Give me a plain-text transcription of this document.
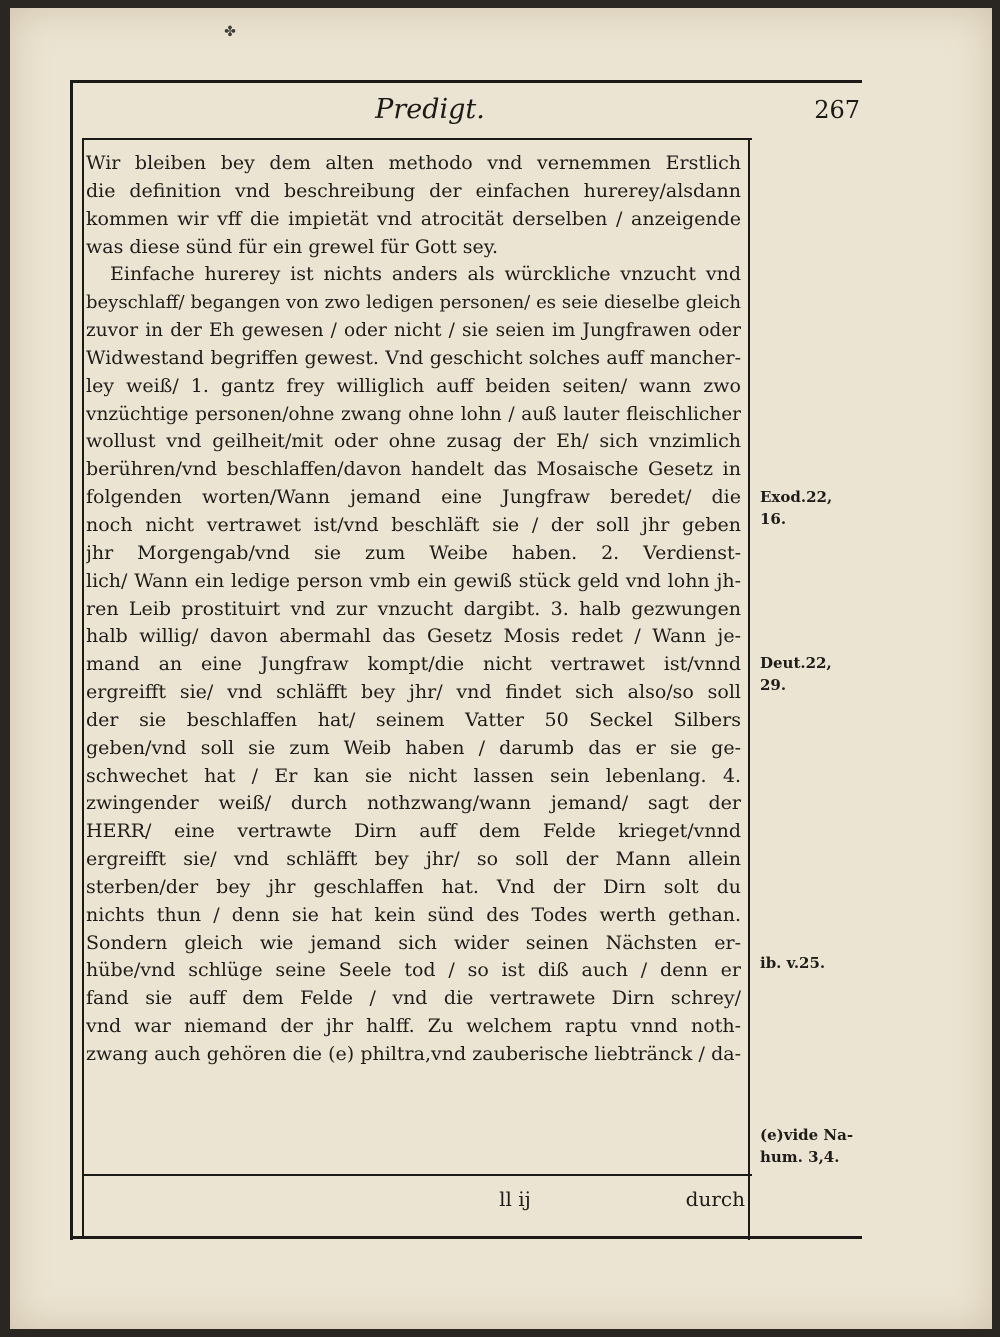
✤
Predigt.	267
Wir bleiben bey dem alten methodo vnd vernemmen Erstlich
die definition vnd beschreibung der einfachen hurerey/alsdann
kommen wir vff die impietät vnd atrocität derselben / anzeigende
was diese sünd für ein grewel für Gott sey.
Einfache hurerey ist nichts anders als würckliche vnzucht vnd
beyschlaff/ begangen von zwo ledigen personen/ es seie dieselbe gleich
zuvor in der Eh gewesen / oder nicht / sie seien im Jungfrawen oder
Widwestand begriffen gewest. Vnd geschicht solches auff mancher-
ley weiß/ 1. gantz frey williglich auff beiden seiten/ wann zwo
vnzüchtige personen/ohne zwang ohne lohn / auß lauter fleischlicher
wollust vnd geilheit/mit oder ohne zusag der Eh/ sich vnzimlich
berühren/vnd beschlaffen/davon handelt das Mosaische Gesetz in
folgenden worten/Wann jemand eine Jungfraw beredet/ die
noch nicht vertrawet ist/vnd beschläft sie / der soll jhr geben
jhr Morgengab/vnd sie zum Weibe haben. 2. Verdienst-
lich/ Wann ein ledige person vmb ein gewiß stück geld vnd lohn jh-
ren Leib prostituirt vnd zur vnzucht dargibt. 3. halb gezwungen
halb willig/ davon abermahl das Gesetz Mosis redet / Wann je-
mand an eine Jungfraw kompt/die nicht vertrawet ist/vnnd
ergreifft sie/ vnd schläfft bey jhr/ vnd findet sich also/so soll
der sie beschlaffen hat/ seinem Vatter 50 Seckel Silbers
geben/vnd soll sie zum Weib haben / darumb das er sie ge-
schwechet hat / Er kan sie nicht lassen sein lebenlang. 4.
zwingender weiß/ durch nothzwang/wann jemand/ sagt der
HERR/ eine vertrawte Dirn auff dem Felde krieget/vnnd
ergreifft sie/ vnd schläfft bey jhr/ so soll der Mann allein
sterben/der bey jhr geschlaffen hat. Vnd der Dirn solt du
nichts thun / denn sie hat kein sünd des Todes werth gethan.
Sondern gleich wie jemand sich wider seinen Nächsten er-
hübe/vnd schlüge seine Seele tod / so ist diß auch / denn er
fand sie auff dem Felde / vnd die vertrawete Dirn schrey/
vnd war niemand der jhr halff. Zu welchem raptu vnnd noth-
zwang auch gehören die (e) philtra,vnd zauberische liebtränck / da-
Exod.22,
16.
Deut.22,
29.
ib. v.25.
(e)vide Na-
hum. 3,4.
ll ij	durch
